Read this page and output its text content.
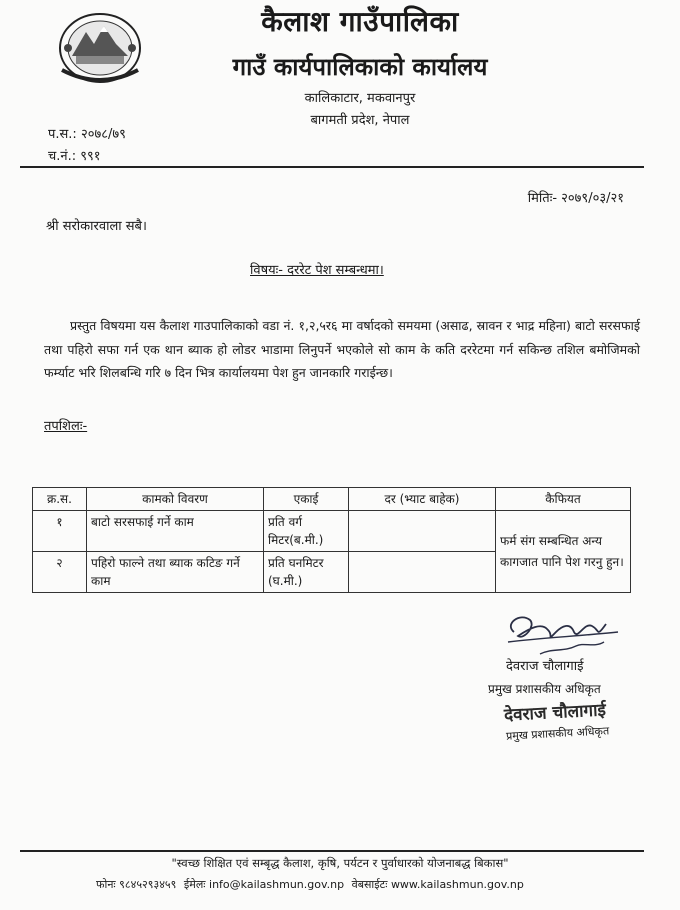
कैलाश गाउँपालिका
गाउँ कार्यपालिकाको कार्यालय
कालिकाटार, मकवानपुर
बागमती प्रदेश, नेपाल
प.स.: २०७८/७९
च.नं.: ९९१
मितिः- २०७९/०३/२१
श्री सरोकारवाला सबै।
विषयः- दररेट पेश सम्बन्धमा।
प्रस्तुत विषयमा यस कैलाश गाउपालिकाको वडा नं. १,२,५र६ मा वर्षादको समयमा (असाढ, स्रावन र भाद्र महिना) बाटो सरसफाई तथा पहिरो सफा गर्न एक थान ब्याक हो लोडर भाडामा लिनुपर्ने भएकोले सो काम के कति दररेटमा गर्न सकिन्छ तशिल बमोजिमको फर्म्याट भरि शिलबन्धि गरि ७ दिन भित्र कार्यालयमा पेश हुन जानकारि गराईन्छ।
तपशिलः-
क्र.स.	कामको विवरण	एकाई	दर (भ्याट बाहेक)	कैफियत
१	बाटो सरसफाई गर्ने काम	प्रति वर्ग मिटर(ब.मी.)		फर्म संग सम्बन्धित अन्य कागजात पानि पेश गरनु हुन।
२	पहिरो फाल्ने तथा ब्याक कटिङ गर्ने काम	प्रति घनमिटर (घ.मी.)		
देवराज चौलागाई
प्रमुख प्रशासकीय अधिकृत
देवराज चौलागाई
प्रमुख प्रशासकीय अधिकृत
"स्वच्छ शिक्षित एवं सम्बृद्ध कैलाश, कृषि, पर्यटन र पुर्वाधारको योजनाबद्ध बिकास"
फोनः ९८४५२९३४५९ ईमेलः info@kailashmun.gov.np वेबसाईटः www.kailashmun.gov.np
